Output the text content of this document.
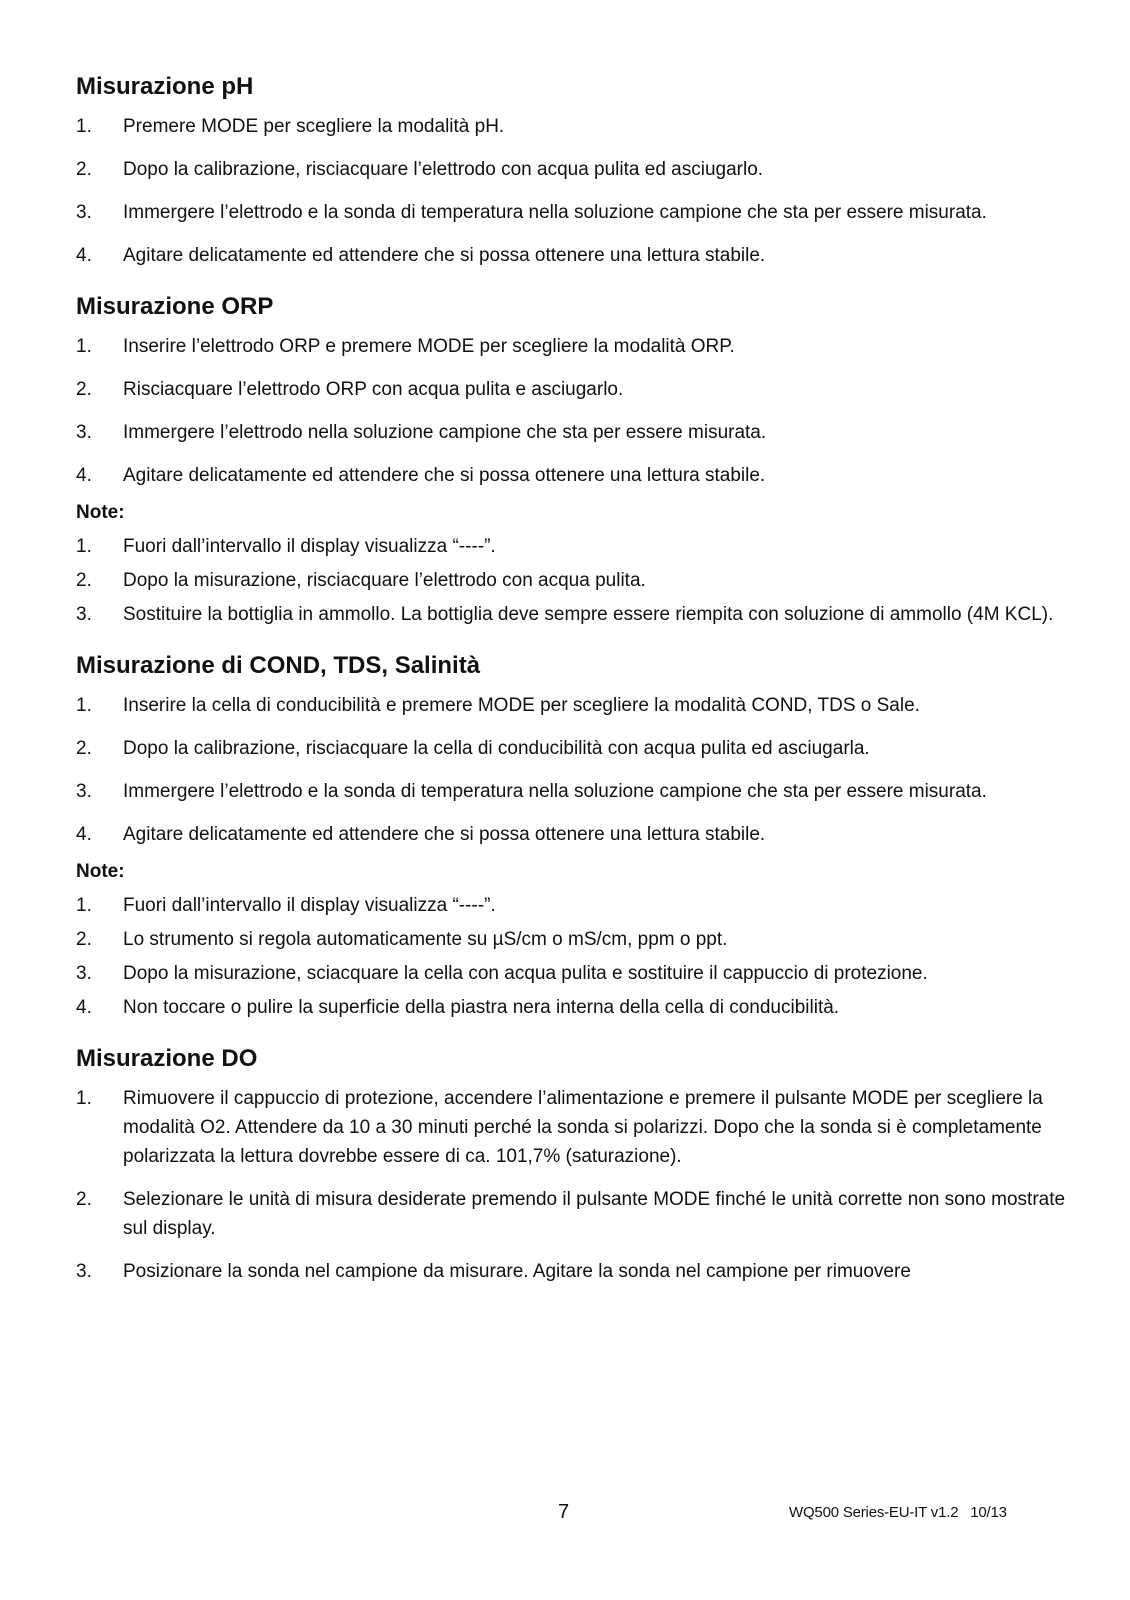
Misurazione pH
1. Premere MODE per scegliere la modalità pH.
2. Dopo la calibrazione, risciacquare l’elettrodo con acqua pulita ed asciugarlo.
3. Immergere l’elettrodo e la sonda di temperatura nella soluzione campione che sta per essere misurata.
4. Agitare delicatamente ed attendere che si possa ottenere una lettura stabile.
Misurazione ORP
1. Inserire l’elettrodo ORP e premere MODE per scegliere la modalità ORP.
2. Risciacquare l’elettrodo ORP con acqua pulita e asciugarlo.
3. Immergere l’elettrodo nella soluzione campione che sta per essere misurata.
4. Agitare delicatamente ed attendere che si possa ottenere una lettura stabile.
Note:
1. Fuori dall’intervallo il display visualizza “----”.
2. Dopo la misurazione, risciacquare l’elettrodo con acqua pulita.
3. Sostituire la bottiglia in ammollo. La bottiglia deve sempre essere riempita con soluzione di ammollo (4M KCL).
Misurazione di COND, TDS, Salinità
1. Inserire la cella di conducibilità e premere MODE per scegliere la modalità COND, TDS o Sale.
2. Dopo la calibrazione, risciacquare la cella di conducibilità con acqua pulita ed asciugarla.
3. Immergere l’elettrodo e la sonda di temperatura nella soluzione campione che sta per essere misurata.
4. Agitare delicatamente ed attendere che si possa ottenere una lettura stabile.
Note:
1. Fuori dall’intervallo il display visualizza “----”.
2. Lo strumento si regola automaticamente su µS/cm o mS/cm, ppm o ppt.
3. Dopo la misurazione, sciacquare la cella con acqua pulita e sostituire il cappuccio di protezione.
4. Non toccare o pulire la superficie della piastra nera interna della cella di conducibilità.
Misurazione DO
1. Rimuovere il cappuccio di protezione, accendere l’alimentazione e premere il pulsante MODE per scegliere la modalità O2. Attendere da 10 a 30 minuti perché la sonda si polarizzi. Dopo che la sonda si è completamente polarizzata la lettura dovrebbe essere di ca. 101,7% (saturazione).
2. Selezionare le unità di misura desiderate premendo il pulsante MODE finché le unità corrette non sono mostrate sul display.
3. Posizionare la sonda nel campione da misurare. Agitare la sonda nel campione per rimuovere
7	WQ500 Series-EU-IT v1.2   10/13
